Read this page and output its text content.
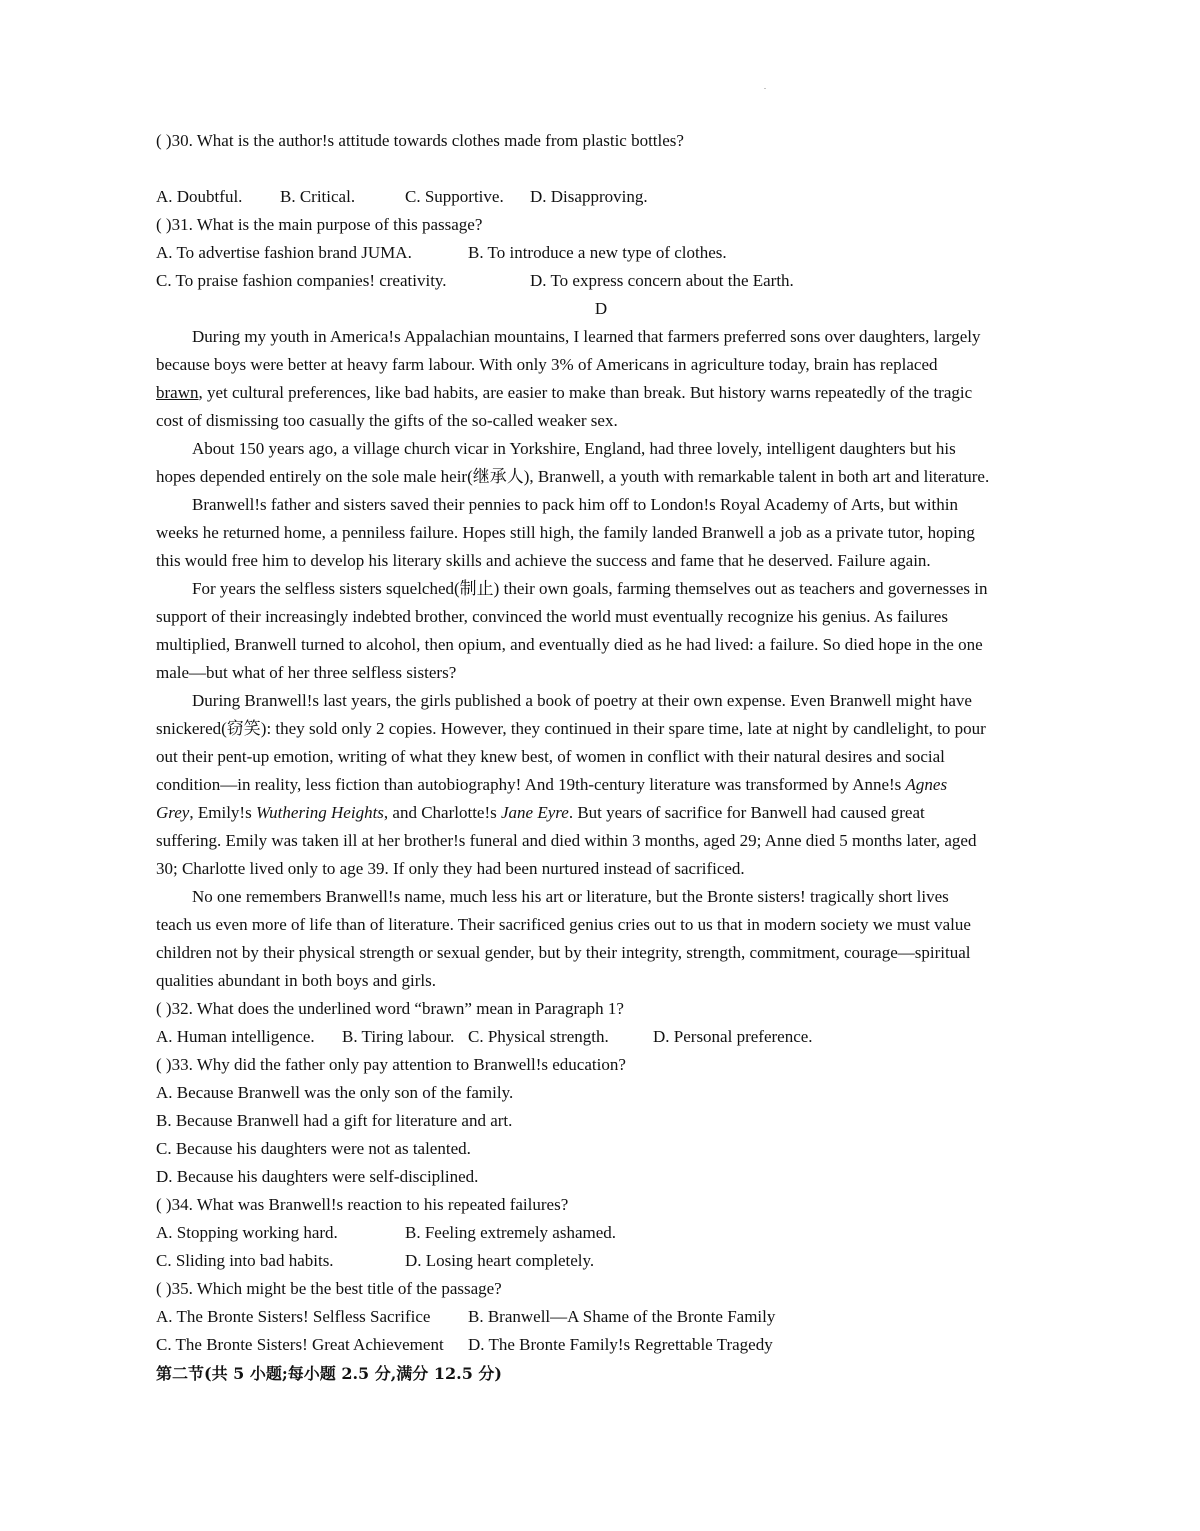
.
( )30. What is the author!s attitude towards clothes made from plastic bottles?
A. Doubtful. B. Critical.	C. Supportive. D. Disapproving.
( )31. What is the main purpose of this passage?
A. To advertise fashion brand JUMA.	B. To introduce a new type of clothes.
C. To praise fashion companies! creativity.	D. To express concern about the Earth.
D
During my youth in America!s Appalachian mountains, I learned that farmers preferred sons over daughters, largely
because boys were better at heavy farm labour. With only 3% of Americans in agriculture today, brain has replaced
brawn, yet cultural preferences, like bad habits, are easier to make than break. But history warns repeatedly of the tragic
cost of dismissing too casually the gifts of the so-called weaker sex.
About 150 years ago, a village church vicar in Yorkshire, England, had three lovely, intelligent daughters but his
hopes depended entirely on the sole male heir(继承人), Branwell, a youth with remarkable talent in both art and literature.
Branwell!s father and sisters saved their pennies to pack him off to London!s Royal Academy of Arts, but within
weeks he returned home, a penniless failure. Hopes still high, the family landed Branwell a job as a private tutor, hoping
this would free him to develop his literary skills and achieve the success and fame that he deserved. Failure again.
For years the selfless sisters squelched(制止) their own goals, farming themselves out as teachers and governesses in
support of their increasingly indebted brother, convinced the world must eventually recognize his genius. As failures
multiplied, Branwell turned to alcohol, then opium, and eventually died as he had lived: a failure. So died hope in the one
male—but what of her three selfless sisters?
During Branwell!s last years, the girls published a book of poetry at their own expense. Even Branwell might have
snickered(窃笑): they sold only 2 copies. However, they continued in their spare time, late at night by candlelight, to pour
out their pent-up emotion, writing of what they knew best, of women in conflict with their natural desires and social
condition—in reality, less fiction than autobiography! And 19th-century literature was transformed by Anne!s Agnes
Grey, Emily!s Wuthering Heights, and Charlotte!s Jane Eyre. But years of sacrifice for Banwell had caused great
suffering. Emily was taken ill at her brother!s funeral and died within 3 months, aged 29; Anne died 5 months later, aged
30; Charlotte lived only to age 39. If only they had been nurtured instead of sacrificed.
No one remembers Branwell!s name, much less his art or literature, but the Bronte sisters! tragically short lives
teach us even more of life than of literature. Their sacrificed genius cries out to us that in modern society we must value
children not by their physical strength or sexual gender, but by their integrity, strength, commitment, courage—spiritual
qualities abundant in both boys and girls.
( )32. What does the underlined word “brawn” mean in Paragraph 1?
A. Human intelligence. B. Tiring labour. C. Physical strength.	D. Personal preference.
( )33. Why did the father only pay attention to Branwell!s education?
A. Because Branwell was the only son of the family.
B. Because Branwell had a gift for literature and art.
C. Because his daughters were not as talented.
D. Because his daughters were self-disciplined.
( )34. What was Branwell!s reaction to his repeated failures?
A. Stopping working hard.	B. Feeling extremely ashamed.
C. Sliding into bad habits.	D. Losing heart completely.
( )35. Which might be the best title of the passage?
A. The Bronte Sisters! Selfless Sacrifice B. Branwell—A Shame of the Bronte Family
C. The Bronte Sisters! Great Achievement D. The Bronte Family!s Regrettable Tragedy
第二节(共 5 小题;每小题 2.5 分,满分 12.5 分)
